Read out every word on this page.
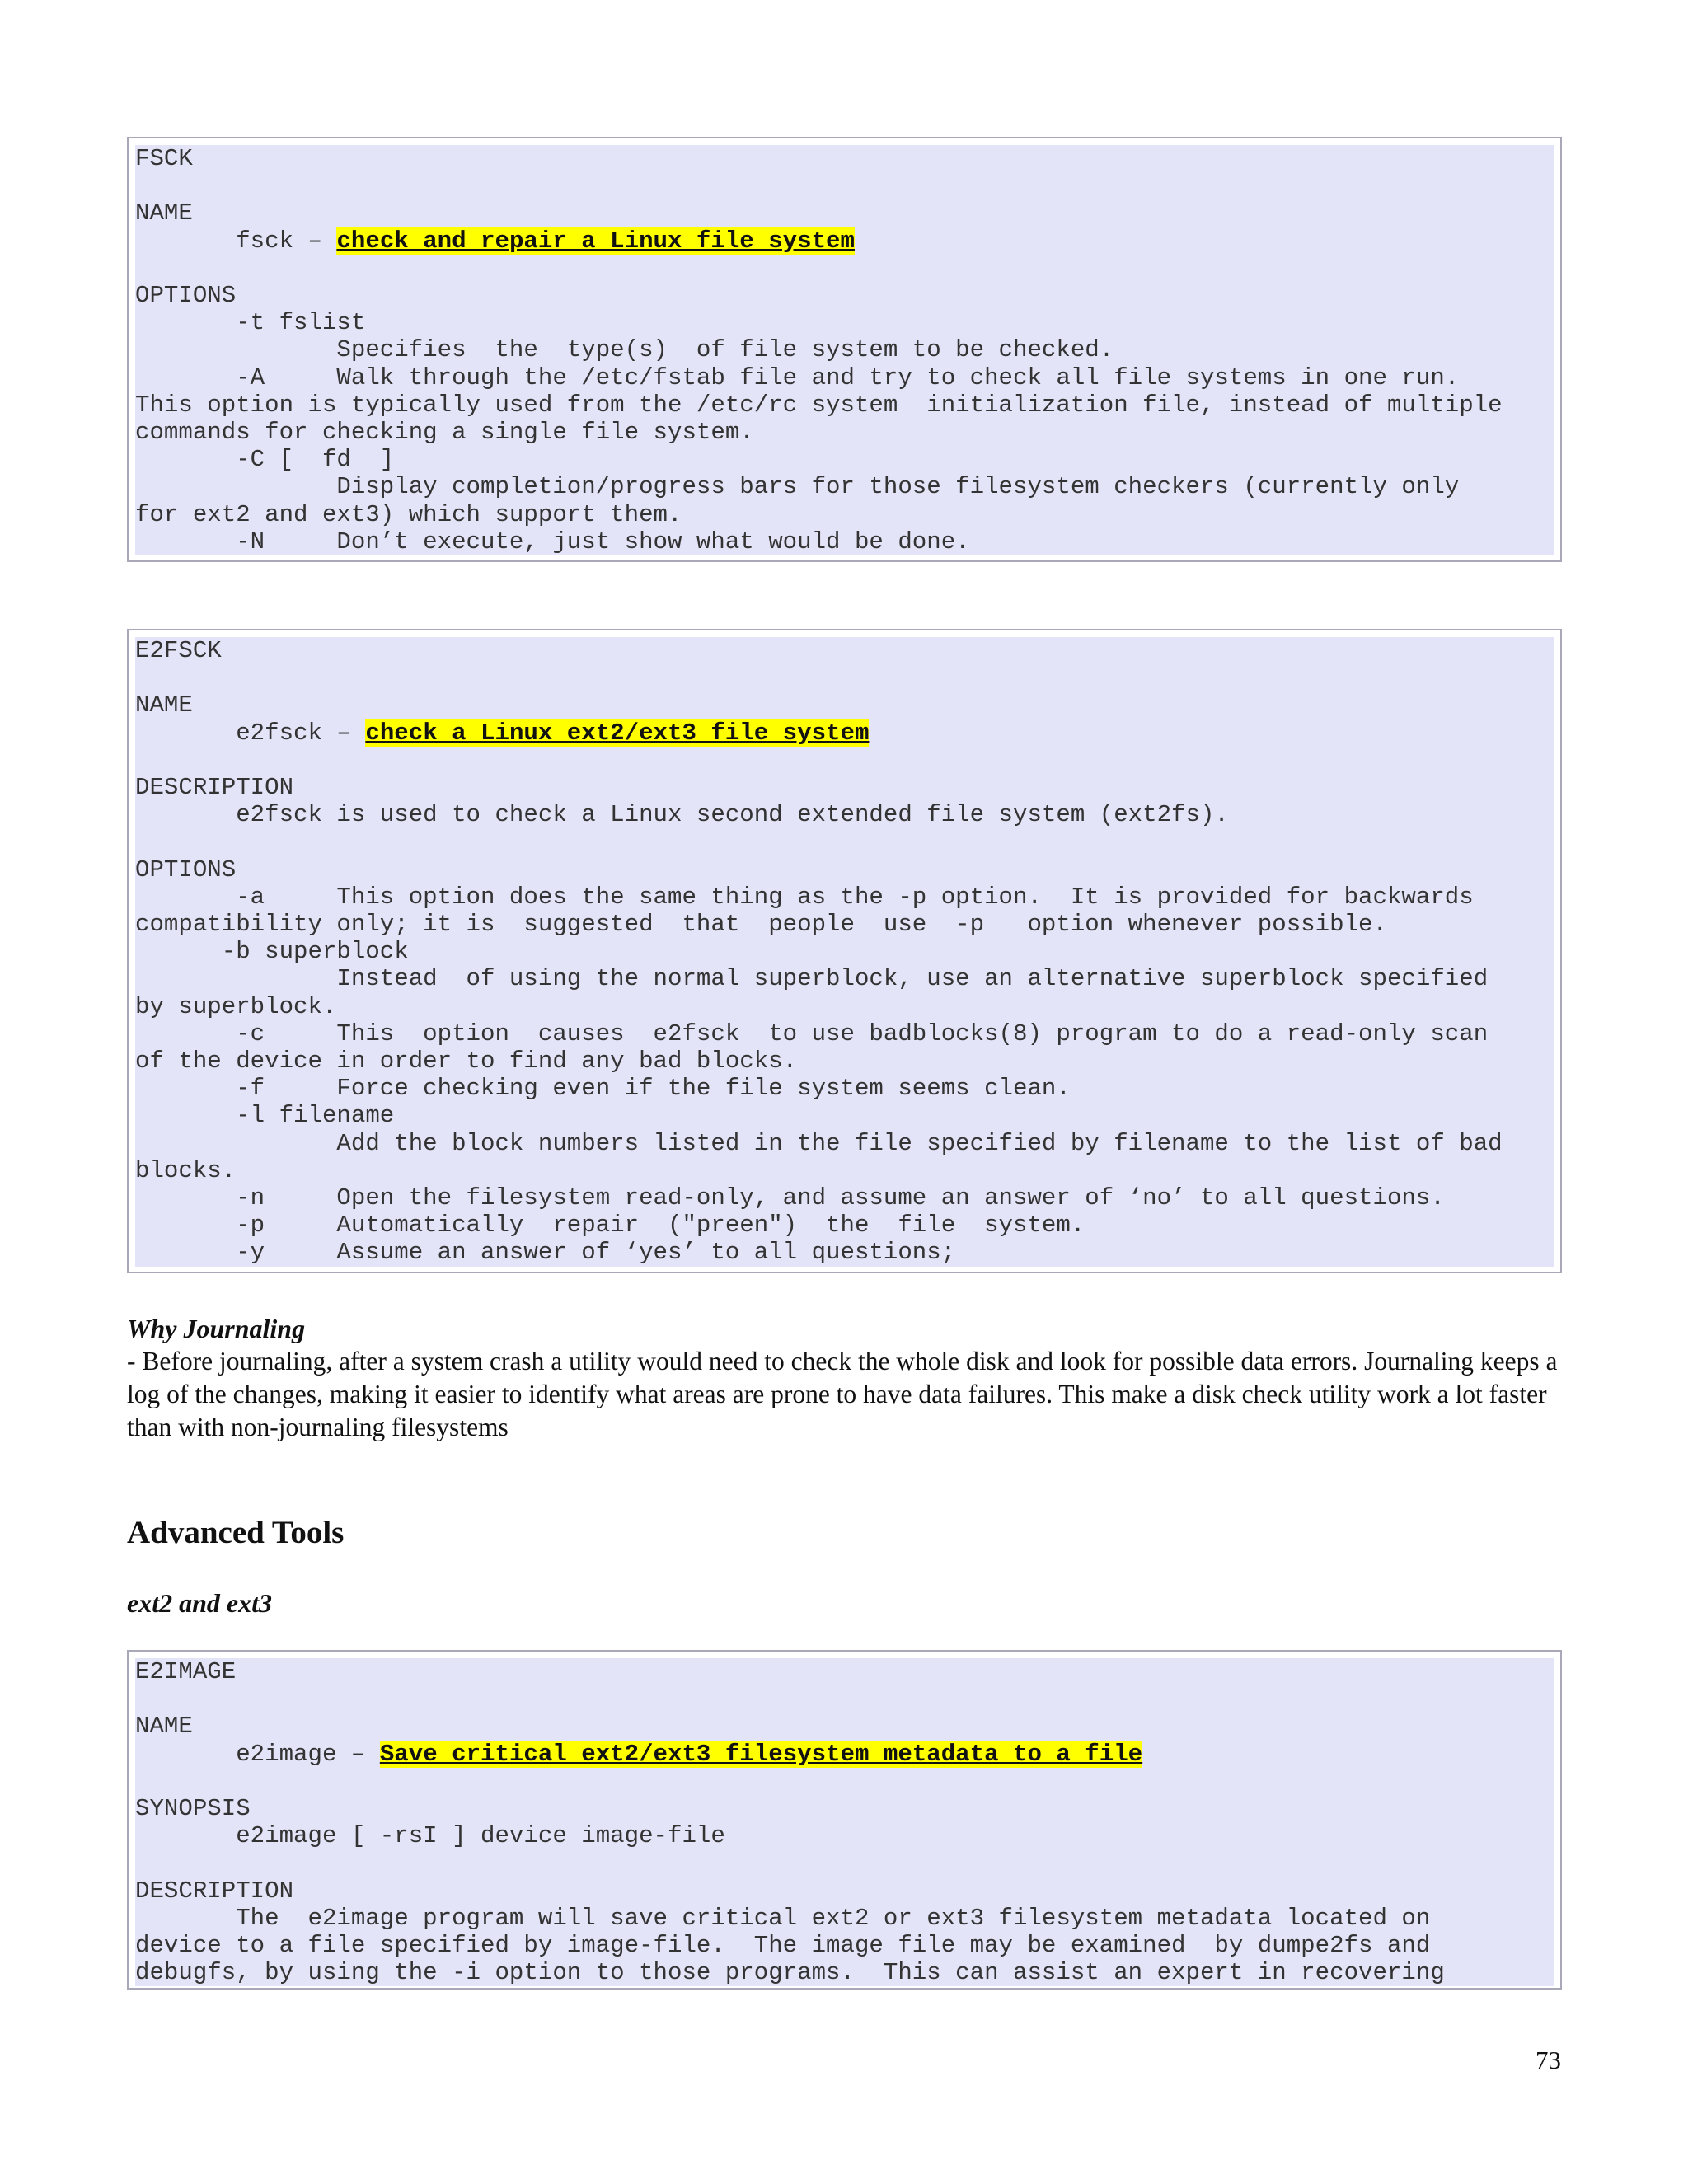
FSCK

NAME
fsck – check and repair a Linux file system

OPTIONS
-t fslist
Specifies  the  type(s)  of file system to be checked.
-A     Walk through the /etc/fstab file and try to check all file systems in one run.
This option is typically used from the /etc/rc system  initialization file, instead of multiple
commands for checking a single file system.
-C [  fd  ]
Display completion/progress bars for those filesystem checkers (currently only
for ext2 and ext3) which support them.
-N     Don’t execute, just show what would be done.
E2FSCK

NAME
e2fsck – check a Linux ext2/ext3 file system

DESCRIPTION
e2fsck is used to check a Linux second extended file system (ext2fs).

OPTIONS
-a     This option does the same thing as the -p option.  It is provided for backwards
compatibility only; it is  suggested  that  people  use  -p   option whenever possible.
-b superblock
Instead  of using the normal superblock, use an alternative superblock specified
by superblock.
-c     This  option  causes  e2fsck  to use badblocks(8) program to do a read-only scan
of the device in order to find any bad blocks.
-f     Force checking even if the file system seems clean.
-l filename
Add the block numbers listed in the file specified by filename to the list of bad
blocks.
-n     Open the filesystem read-only, and assume an answer of ‘no’ to all questions.
-p     Automatically  repair  ("preen")  the  file  system.
-y     Assume an answer of ‘yes’ to all questions;
Why Journaling
- Before journaling, after a system crash a utility would need to check the whole disk and look for possible data errors. Journaling keeps a log of the changes, making it easier to identify what areas are prone to have data failures. This make a disk check utility work a lot faster than with non-journaling filesystems
Advanced Tools
ext2 and ext3
E2IMAGE

NAME
e2image – Save critical ext2/ext3 filesystem metadata to a file

SYNOPSIS
e2image [ -rsI ] device image-file

DESCRIPTION
The  e2image program will save critical ext2 or ext3 filesystem metadata located on
device to a file specified by image-file.  The image file may be examined  by dumpe2fs and
debugfs, by using the -i option to those programs.  This can assist an expert in recovering
73
